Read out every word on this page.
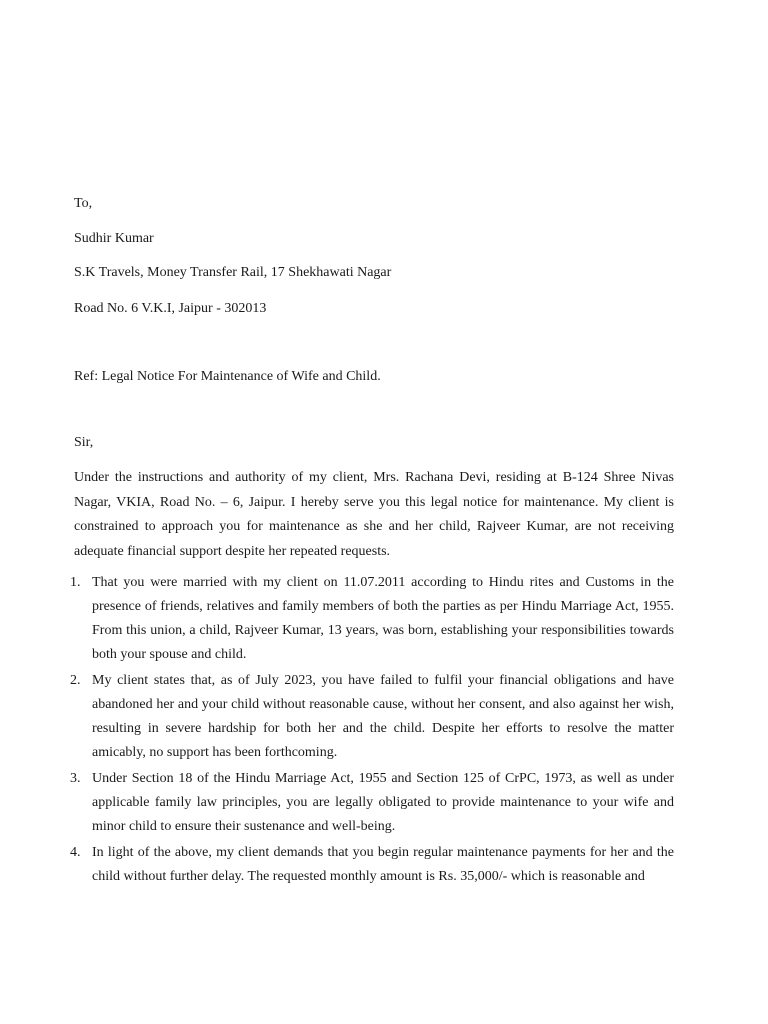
To,
Sudhir Kumar
S.K Travels, Money Transfer Rail, 17 Shekhawati Nagar
Road No. 6 V.K.I, Jaipur - 302013
Ref: Legal Notice For Maintenance of Wife and Child.
Sir,

Under the instructions and authority of my client, Mrs. Rachana Devi, residing at B-124 Shree Nivas Nagar, VKIA, Road No. – 6, Jaipur. I hereby serve you this legal notice for maintenance. My client is constrained to approach you for maintenance as she and her child, Rajveer Kumar, are not receiving adequate financial support despite her repeated requests.

1. That you were married with my client on 11.07.2011 according to Hindu rites and Customs in the presence of friends, relatives and family members of both the parties as per Hindu Marriage Act, 1955. From this union, a child, Rajveer Kumar, 13 years, was born, establishing your responsibilities towards both your spouse and child.
2. My client states that, as of July 2023, you have failed to fulfil your financial obligations and have abandoned her and your child without reasonable cause, without her consent, and also against her wish, resulting in severe hardship for both her and the child. Despite her efforts to resolve the matter amicably, no support has been forthcoming.
3. Under Section 18 of the Hindu Marriage Act, 1955 and Section 125 of CrPC, 1973, as well as under applicable family law principles, you are legally obligated to provide maintenance to your wife and minor child to ensure their sustenance and well-being.
4. In light of the above, my client demands that you begin regular maintenance payments for her and the child without further delay. The requested monthly amount is Rs. 35,000/- which is reasonable and
